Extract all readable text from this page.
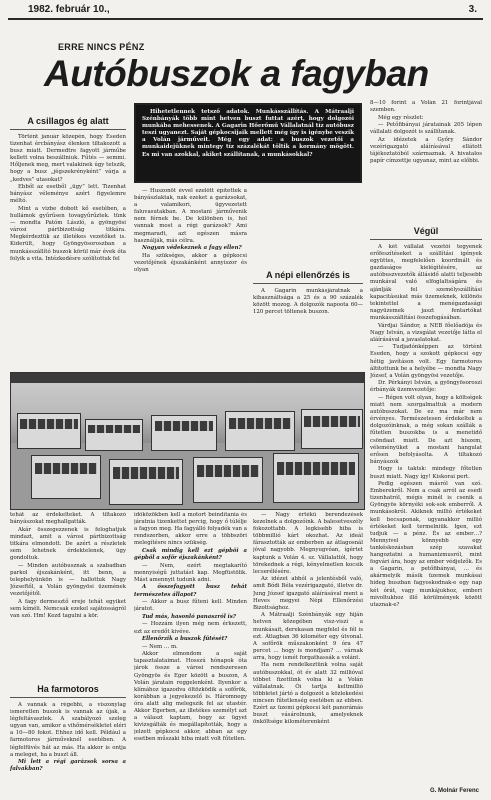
1982. február 10.,	3.
ERRE NINCS PÉNZ
Autóbuszok a fagyban
A csillagos ég alatt

Történt január közepén, hogy Eseden tizenhat ércbányász élenken tiltakozott a busz miatt. Dermedtre fagyott járműbe kellett volna beszállniuk. Fűtés — semmi. Hőljenek meg, mert valakinek úgy tetszik, hogy a busz „jégszekrényként” várja a „kedves” utasokat?

Ebből az esetből „ügy” lett. Tizenhat bányász véleménye azért figyelemre méltó.

Mint a vizbe dobott kő esetében, a hullámok gyűrűsen tovagyűrűztek. tünk — mondta Patóm László, a gyöngyösi városi pártbizottság titkára. Megkérdeztük az illetékes vezetőket is. Kiderült, hogy Gyöngyösoroszban a munkásszállító buszok körül már évek óta folyik a vita. Intézkedésre szólítottuk fel

tehát az érdekelteket. A tiltakozó bányászokat meghallgatták.

Akár összegezzenek is feloghatjuk mindazt, amit a városi pártbizottság titkára elmondott. De azért a részletek sem lehetnek érdektelenek, ügy gondoltuk.

— Minden autóbusznak a szabadban parkol éjszakánként, itt benn, a telephelyünkön is — hallottuk Nagy Józseftől, a Volán gyöngyösi üzemének vezetőjétől.

A fagy dermesztő ereje tehát egyiket sem kíméli. Nemcsak ezekel sajátosságról van szó. Hm! Kezd tagulni a kör.

Ha farmotoros

A vannak a régebbi, a viszonylag ismeretlen buszok is vannak az újak, a légfeltávasztek. A szabályozó szeleg ugyan van, amikor a vihőmérsékletet eléri a 10—80 fokot. Ehhez idő kell. Például a farmotoros járműveknél esetében. A légfelfüvés hát az más. Ha akkor is ontja a meleget, ha a buszt áll.

Mi lett a régi garázsok sorsa a falvakban?

Hihetetlennek tetsző adatok. Munkásszállítás. A Mátraalji Szénbányák több mint hetven buszt futtat azért, hogy dolgozói munkába mehessenek. A Gagarin Hőerőmű Vállalatnál tíz autóbusz teszi ugyanezt. Saját gépkocsijaik mellett még így is igénybe veszik a Volán járműveit. Még egy adat: a buszok vezetői a munkaidejüknek mintegy tíz százalékát töltik a kormány mögött. Es mi van azokkal, akiket szállítanak, a munkásokkal?

— Huszonöt évvel ezelőtt építettek a bányászlaktak, nak ezeket a garázsokat, a valamikori, ügyvezetett faluvasutakban. A mostani járművenik nem férnek be. De különben is, hol vannak most a régi garázsok? Ami megmaradt, azt egészen másra használják, más célra.

Nogyan védekeznek a fagy ellen?

Ha szükséges, akkor a gépkocsi vezetőjének éjszakánként annyiszor és olyan

időközökben kell a motort beindítania és járatnia tizenkettet percig, hogy ő túlélje a fagyon meg. Ha fagyálló folyadék van a rendszerben, akkor erre a többszöri melegítésre nincs szükség.

Csak mindig kell ezt gépbői a gépből a sofőr éjszakánként?

— Nem, ezért megtakarító mennyiségű juttatást kap. Megfüstölik. Mást amennyit tudunk adni.

A összefagyott busz tehát természetes állapot?

— Akkor a busz fűteni kell. Minden járatot.

Tud más, hasonló panaszról is?

— Hozzám ilyen még nem érkezett, ezt az eredőt kivéve.

Ellenőrzik a buszok fűtését?

— Nem … m.

Akkor elmondom a saját tapasztalataimat. Hosszú hónapok óta járok össze a városi rendszeresen Gyöngyös és Eger között a buszon, A Volán járatain reggelenként. Ilyenkor a klímához igazodva öltözködik a sofőrök, korábban a jegyekezelő is. Háromnegy óra alatt alig melegszik fel az utastér. Akkor Egerben, az illetékes személyt azt a választ kaptam, hogy az ügyet kivizsgálták és megállapították, hogy a jelzett gépkocsi akkor, abban az egy esetben műszaki hiba miatt volt fűtetlen.

A népi ellenőrzés is

A Gagarin munkásjáratnak a kibasználtsága a 25 és a 90 százalék között mozog. A dolgozók napoota 60—120 percet töltenek buszon.

— Nagy értékű berendezések kezelnek a dolgozóink. A balesetveszély fokozottabb. A legkisebb hiba is többmillió kárt okozhat. Az ideál fárasztották az emberben az átlagosnál jóval nagyobb. Megnyugvóan, ígértet kaptunk a Volán 4. sz. Vállalattól, hogy törekednek a régi, kényelmetlen kocsik lecserélésére.

Az idézet abból a jelentésből való, amit Bódi Béla vezérigazgató, illetve dr. Jung József igazgató aláírásával ment a Heves megyei Népi Ellenőrzési Bizottsághoz.

A Mátraalji Szénbányák egy hiján hetven közegében visz-viszi a munkásait, derekasan megfelel és fél is ezt. Átlagban 36 kilométer egy útvonal. A sofőrök műszakonként 9 óra 47 percet … hogy is mondjam? … várnak arra, hogy ismét forgathassák a volánt.

Ha nem rendelkeztünk volna saját autóbuszokkal, ót év alatt 32 millióval többet fizettünk volna ki a Volán vállalatnak. Ói tartja keltmillió többletet jártó a dolgozót a közlekedési nincsen fűtetlenség esetében az ebben. Ezért az üzemi gépkocsi két panorámás buszt vásárolnunk, amelyeknek önköltsége kilométerenként

8—10 forint a Volán 21 forintjával szemben.

Még egy részlet:

— Petőfibányai járatainak 205 lépen vállalati dolgozót is szállítanak.

Az idézetek a Győry Sándor vezérigazgató aláírásával ellátott tájékoztatóból származnak. A hivatalos papír címzettje ugyanaz, mint az előbbi.

Végül

A két vállalat vezetői tegyenek erőfeszítéseket a szállítási igények együttes, megfelelően koordinált és gazdaságos kielégítésére, az autóbuszvezetők állásidő alatti teljesebb munkával való elfoglaltságára és ajánlják fel személyszállítási kapacitásukat más üzemeknek, különös tekintettel a menégazdasági nagyüzemek jaszt fentartókat munkásszállítási összefogásában.

Várdjai Sándor, a NEB főelőadója és Nagy István, a vizsgálat vezetője látta el aláírásával a javaslatokat.

— Tudjadónképpen az történt Eseden, hogy a szokott gépkocsi egy hétig javításon volt. Egy farmotoros áltitottunk be a helyébe — mondta Nagy József, a Volán gyöngyösi vezetője.

Dr. Pérkányi István, a gyöngyösoroszi érbányák üzemvezetője:

— Régen volt olyan, hogy a költségek miatt nem szorgalmattuk a modern autóbuszokat. De ez ma már nem érvényes. Természetesen érdekeltek a dolgozóinknak, a még sokan szállák a fűtetlen buszokba is a menetidő csöndaat miatt. De azt hiszem, véleményüket a mostani hangulat erősen befolyásolta. A tiltakozó bányászok

Hogy is taktsk: mindegy főtetlen buszt miatt. Nagy így! Kiskorai pert.

Pedig egészen másról van szó. Emberekről. Nem a csak arról az esedi tizenhatról, mégis minél is csenik a Gyöngyös környéki sok-sok emberről. A munkásokról. Akiknek millió értékeket kell becsaponak, ugyanakkor millió értékeket kell termelniük. Igen, ezt tudjuk — a pénz. És az ember…? Mennyivel könnyebb egy tankéskozásban szép szavakat hangoztatni a humanizmusról, mint fogvári ára, hogy az ember védjelzők. Es a Gagarin, a petőfibányai, … és akármelyik másik üzemek munkásai hideg buszban fagyoskodnak-e egy nap két órát, vagy munkájukhoz, emberi mivoltukhoz illő körülmények között utaznak-e?

G. Molnár Ferenc
